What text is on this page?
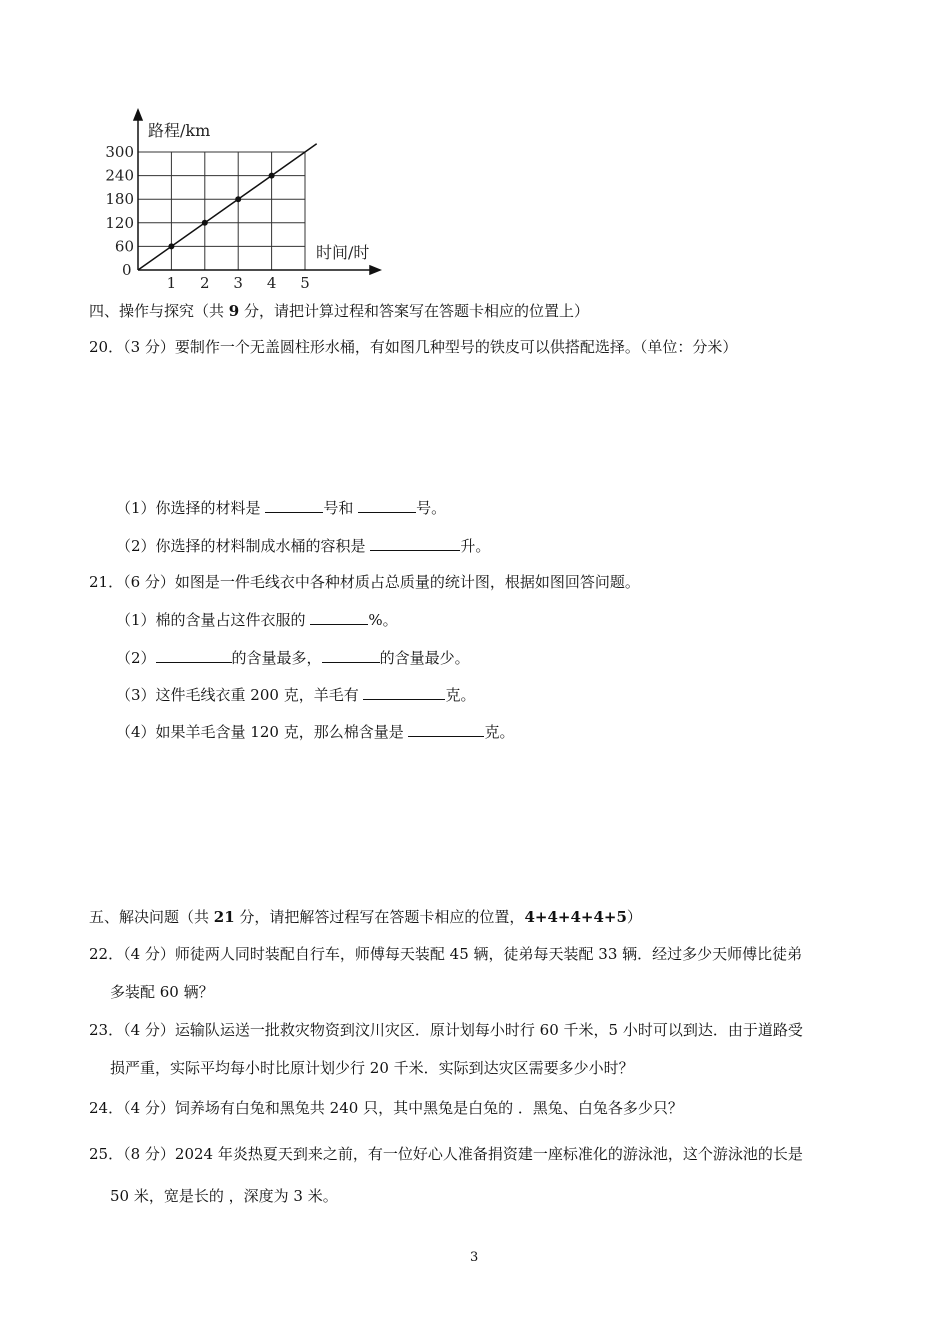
60
120
180
240
300
1 2 3 4 5
路程/km
时间/时
0
四、操作与探究（共 9 分，请把计算过程和答案写在答题卡相应的位置上）
20．（3 分）要制作一个无盖圆柱形水桶，有如图几种型号的铁皮可以供搭配选择。（单位：分米）
（1）你选择的材料是	号和	号。
（2）你选择的材料制成水桶的容积是	升。
21．（6 分）如图是一件毛线衣中各种材质占总质量的统计图，根据如图回答问题。
（1）棉的含量占这件衣服的	%。
（2）	的含量最多，	的含量最少。
（3）这件毛线衣重 200 克，羊毛有	克。
（4）如果羊毛含量 120 克，那么棉含量是	克。
五、解决问题（共 21 分，请把解答过程写在答题卡相应的位置，4+4+4+4+5）
22．（4 分）师徒两人同时装配自行车，师傅每天装配 45 辆，徒弟每天装配 33 辆．经过多少天师傅比徒弟
多装配 60 辆？
23．（4 分）运输队运送一批救灾物资到汶川灾区．原计划每小时行 60 千米，5 小时可以到达．由于道路受
损严重，实际平均每小时比原计划少行 20 千米．实际到达灾区需要多少小时？
24．（4 分）饲养场有白兔和黑兔共 240 只，其中黑兔是白兔的 ．黑兔、白兔各多少只？
25．（8 分）2024 年炎热夏天到来之前，有一位好心人准备捐资建一座标准化的游泳池，这个游泳池的长是
50 米，宽是长的 ，深度为 3 米。
3
